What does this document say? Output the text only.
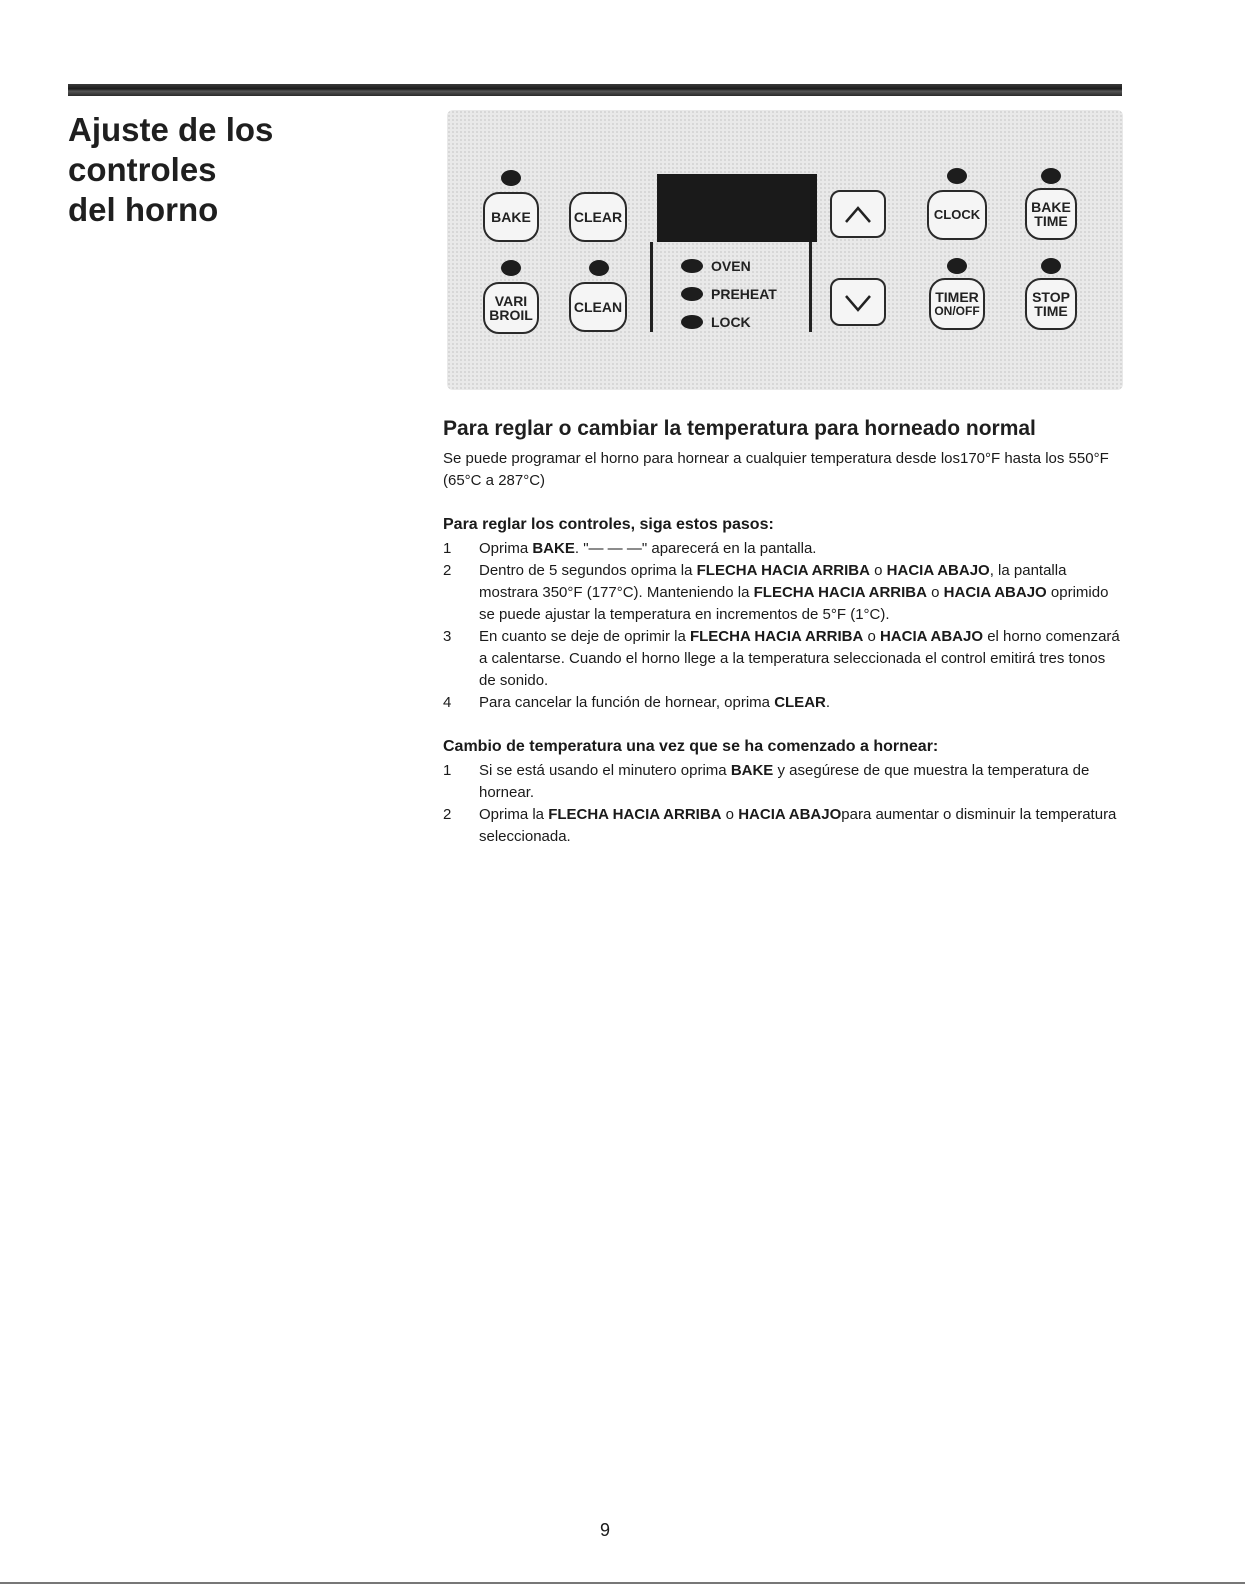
Ajuste de los controles
del horno	BAKE	CLEAR	CLOCK	BAKE
TIME
VARI
BROIL	CLEAN
OVEN
PREHEAT
LOCK
TIMER
ON/OFF
STOP
TIME
Para reglar o cambiar la temperatura para horneado normal

Se puede programar el horno para hornear a cualquier temperatura desde los170°F hasta los 550°F (65°C a 287°C)

Para reglar los controles, siga estos pasos:
1	Oprima BAKE. "— — —" aparecerá en la pantalla.
2	Dentro de 5 segundos oprima la FLECHA HACIA ARRIBA o HACIA ABAJO, la pantalla mostrara 350°F (177°C). Manteniendo la FLECHA HACIA ARRIBA o HACIA ABAJO oprimido se puede ajustar la temperatura en incrementos de 5°F (1°C).
3	En cuanto se deje de oprimir la FLECHA HACIA ARRIBA o HACIA ABAJO el horno comenzará a calentarse. Cuando el horno llege a la temperatura seleccionada el control emitirá tres tonos de sonido.
4	Para cancelar la función de hornear, oprima CLEAR.
Cambio de temperatura una vez que se ha comenzado a hornear:
1	Si se está usando el minutero oprima BAKE y asegúrese de que muestra la temperatura de hornear.
2	Oprima la FLECHA HACIA ARRIBA o HACIA ABAJOpara aumentar o disminuir la temperatura seleccionada.
9
